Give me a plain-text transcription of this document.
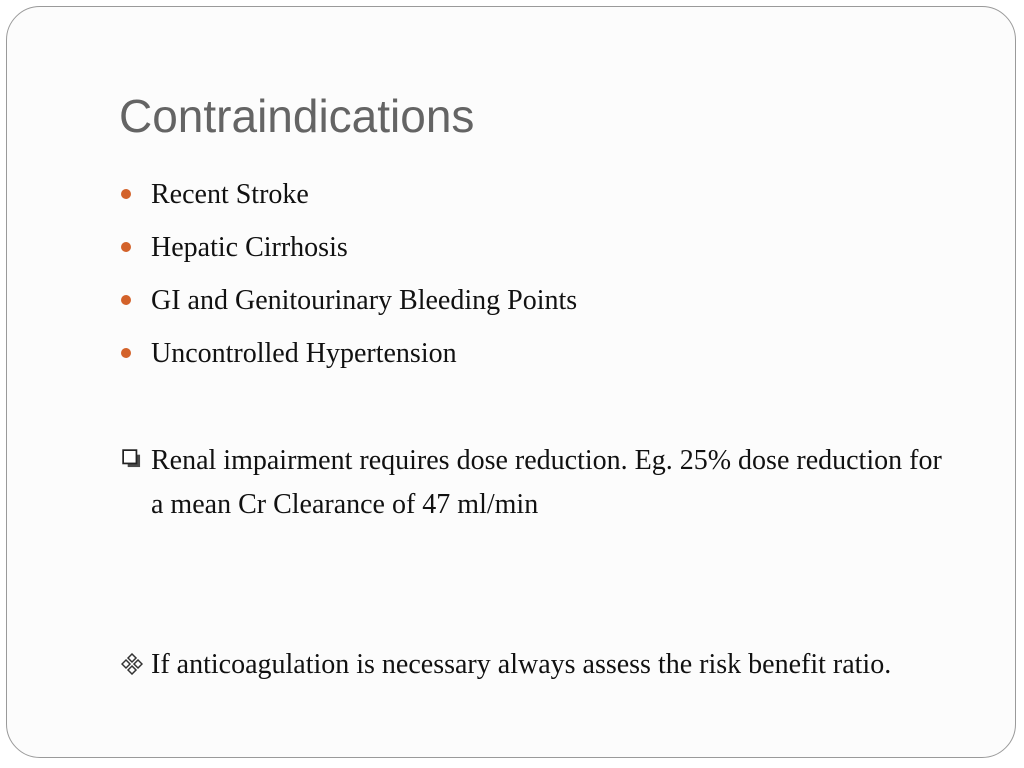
Contraindications
Recent Stroke
Hepatic Cirrhosis
GI and Genitourinary Bleeding Points
Uncontrolled Hypertension
Renal impairment requires dose reduction. Eg. 25% dose reduction for a mean Cr Clearance of 47 ml/min
If anticoagulation is necessary always assess the risk benefit ratio.
